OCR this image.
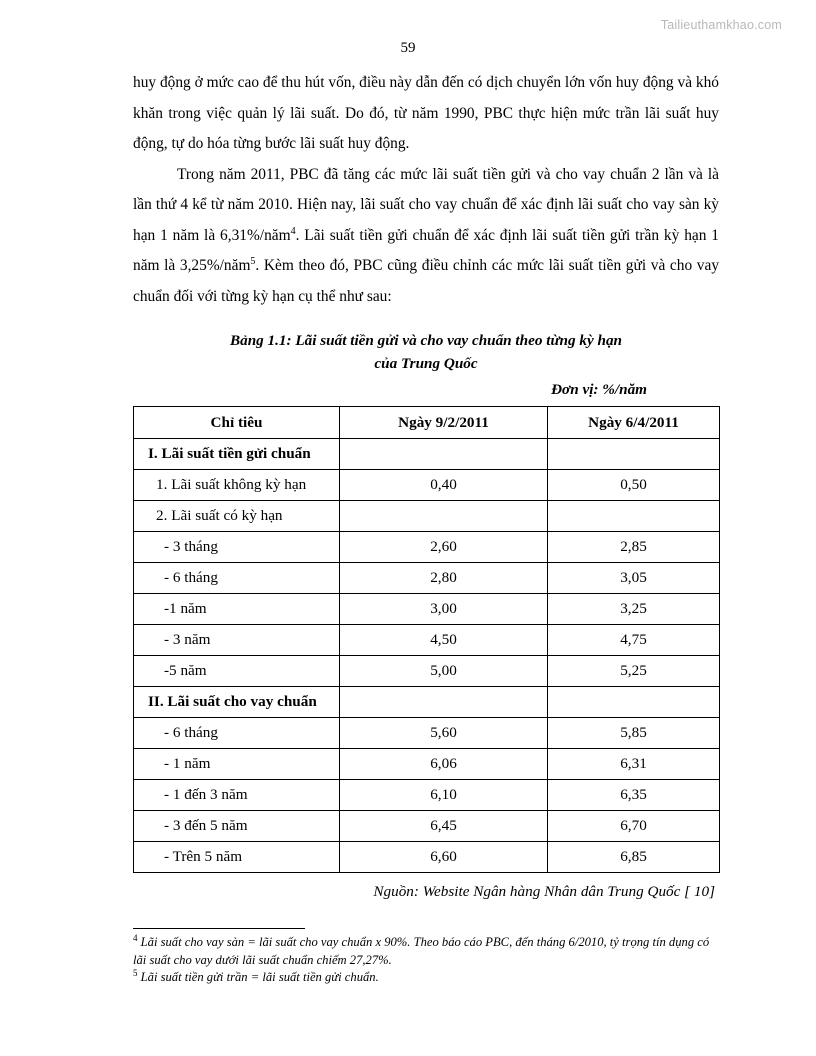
Tailieuthamkhao.com
59

huy động ở mức cao để thu hút vốn, điều này dẫn đến có dịch chuyển lớn vốn huy động và khó khăn trong việc quản lý lãi suất. Do đó, từ năm 1990, PBC thực hiện mức trần lãi suất huy động, tự do hóa từng bước lãi suất huy động.

Trong năm 2011, PBC đã tăng các mức lãi suất tiền gửi và cho vay chuẩn 2 lần và là lần thứ 4 kể từ năm 2010. Hiện nay, lãi suất cho vay chuẩn để xác định lãi suất cho vay sàn kỳ hạn 1 năm là 6,31%/năm$^4$. Lãi suất tiền gửi chuẩn để xác định lãi suất tiền gửi trần kỳ hạn 1 năm là 3,25%/năm$^5$. Kèm theo đó, PBC cũng điều chỉnh các mức lãi suất tiền gửi và cho vay chuẩn đối với từng kỳ hạn cụ thể như sau:

Bảng 1.1: Lãi suất tiền gửi và cho vay chuẩn theo từng kỳ hạn
của Trung Quốc
Đơn vị: %/năm
Chỉ tiêu	Ngày 9/2/2011	Ngày 6/4/2011
I. Lãi suất tiền gửi chuẩn		
1. Lãi suất không kỳ hạn	0,40	0,50
2. Lãi suất có kỳ hạn		
- 3 tháng	2,60	2,85
- 6 tháng	2,80	3,05
-1 năm	3,00	3,25
- 3 năm	4,50	4,75
-5 năm	5,00	5,25
II. Lãi suất cho vay chuẩn		
- 6 tháng	5,60	5,85
- 1 năm	6,06	6,31
- 1 đến 3 năm	6,10	6,35
- 3 đến 5 năm	6,45	6,70
- Trên 5 năm	6,60	6,85
Nguồn: Website Ngân hàng Nhân dân Trung Quốc [ 10]
$^4$ Lãi suất cho vay sàn = lãi suất cho vay chuẩn x 90%. Theo báo cáo PBC, đến tháng 6/2010, tỷ trọng tín dụng có lãi suất cho vay dưới lãi suất chuẩn chiếm 27,27%.
$^5$ Lãi suất tiền gửi trần = lãi suất tiền gửi chuẩn.
